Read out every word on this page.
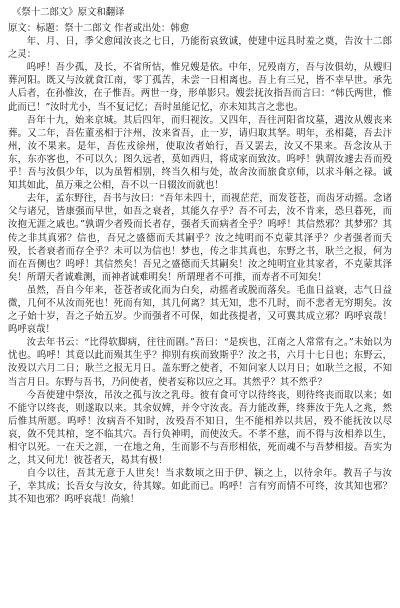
《祭十二郎文》原文和翻译

原文：标题：祭十二郎文 作者或出处：韩愈

年、月、日，季父愈闻汝丧之七日，乃能衔哀致诚，使建中远具时羞之奠，告汝十二郎之灵：

呜呼！吾少孤，及长，不省所怙，惟兄嫂是依。中年，兄殁南方，吾与汝俱幼，从嫂归葬河阳。既又与汝就食江南，零丁孤苦，未尝一日相离也。吾上有三兄，皆不幸早世。承先人后者，在孙惟汝，在子惟吾。两世一身，形单影只。嫂尝抚汝指吾而言曰：“韩氏两世，惟此而已！”汝时尤小，当不复记忆；吾时虽能记忆，亦未知其言之悲也。

吾年十九，始来京城。其后四年，而归视汝。又四年，吾往河阳省坟墓，遇汝从嫂丧来葬。又二年，吾佐董丞相于汴州，汝来省吾，止一岁，请归取其孥。明年，丞相薨，吾去汴州，汝不果来。是年，吾佐戎徐州，使取汝者始行，吾又罢去，汝又不果来。吾念汝从于东，东亦客也，不可以久；图久远者，莫如西归，将成家而致汝。呜呼！孰谓汝遽去吾而殁乎！吾与汝俱少年，以为虽暂相别，终当久相与处，故舍汝而旅食京师，以求斗斛之禄。诚知其如此，虽万乘之公相，吾不以一日辍汝而就也！

去年，孟东野往，吾书与汝曰：“吾年未四十，而视茫茫，而发苍苍，而齿牙动摇。念诸父与诸兄，皆康强而早世，如吾之衰者，其能久存乎？吾不可去，汝不肯来，恐旦暮死，而汝抱无涯之戚也。”孰谓少者殁而长者存，强者夭而病者全乎？呜呼！其信然邪？其梦邪？其传之非其真邪？信也，吾兄之盛德而夭其嗣乎？汝之纯明而不克蒙其泽乎？少者强者而夭殁，长者衰者而存全乎？未可以为信也！梦也，传之非其真也，东野之书，耿兰之报，何为而在吾侧也？呜呼！其信然矣！吾兄之盛德而夭其嗣矣！汝之纯明宜业其家者，不克蒙其泽矣！所谓天者诚难测，而神者诚难明矣！所谓理者不可推，而寿者不可知矣！

虽然，吾自今年来，苍苍者或化而为白矣，动摇者或脱而落矣。毛血日益衰，志气日益微，几何不从汝而死也！死而有知，其几何离？其无知，悲不几时，而不悲者无穷期矣。汝之子始十岁，吾之子始五岁。少而强者不可保，如此孩提者，又可冀其成立邪？呜呼哀哉！呜呼哀哉！

汝去年书云：“比得软脚病，往往而剧。”吾曰：“是疾也，江南之人常常有之。”未始以为忧也。呜呼！其竟以此而殒其生乎？抑别有疾而致斯乎？汝之书，六月十七日也；东野云，汝殁以六月二日；耿兰之报无月日。盖东野之使者，不知问家人以月日；如耿兰之报，不知当言月日。东野与吾书，乃问使者，使者妄称以应之耳。其然乎？其不然乎？

今吾使建中祭汝，吊汝之孤与汝之乳母。彼有食可守以待终丧，则待终丧而取以来；如不能守以终丧，则遂取以来。其余奴婢，并令守汝丧。吾力能改葬，终葬汝于先人之兆，然后惟其所愿。呜呼！汝病吾不知时，汝殁吾不知日，生不能相养以共居，殁不能抚汝以尽哀，敛不凭其棺，窆不临其穴。吾行负神明，而使汝夭。不孝不慈，而不得与汝相养以生，相守以死。一在天之涯，一在地之角，生而影不与吾形相依，死而魂不与吾梦相接。吾实为之，其又何尤！彼苍者天，曷其有极！

自今以往，吾其无意于人世矣！当求数顷之田于伊、颍之上，以待余年。教吾子与汝子，幸其成；长吾女与汝女，待其嫁。如此而已。呜呼！言有穷而情不可终，汝其知也邪？其不知也邪？呜呼哀哉！尚飨！
